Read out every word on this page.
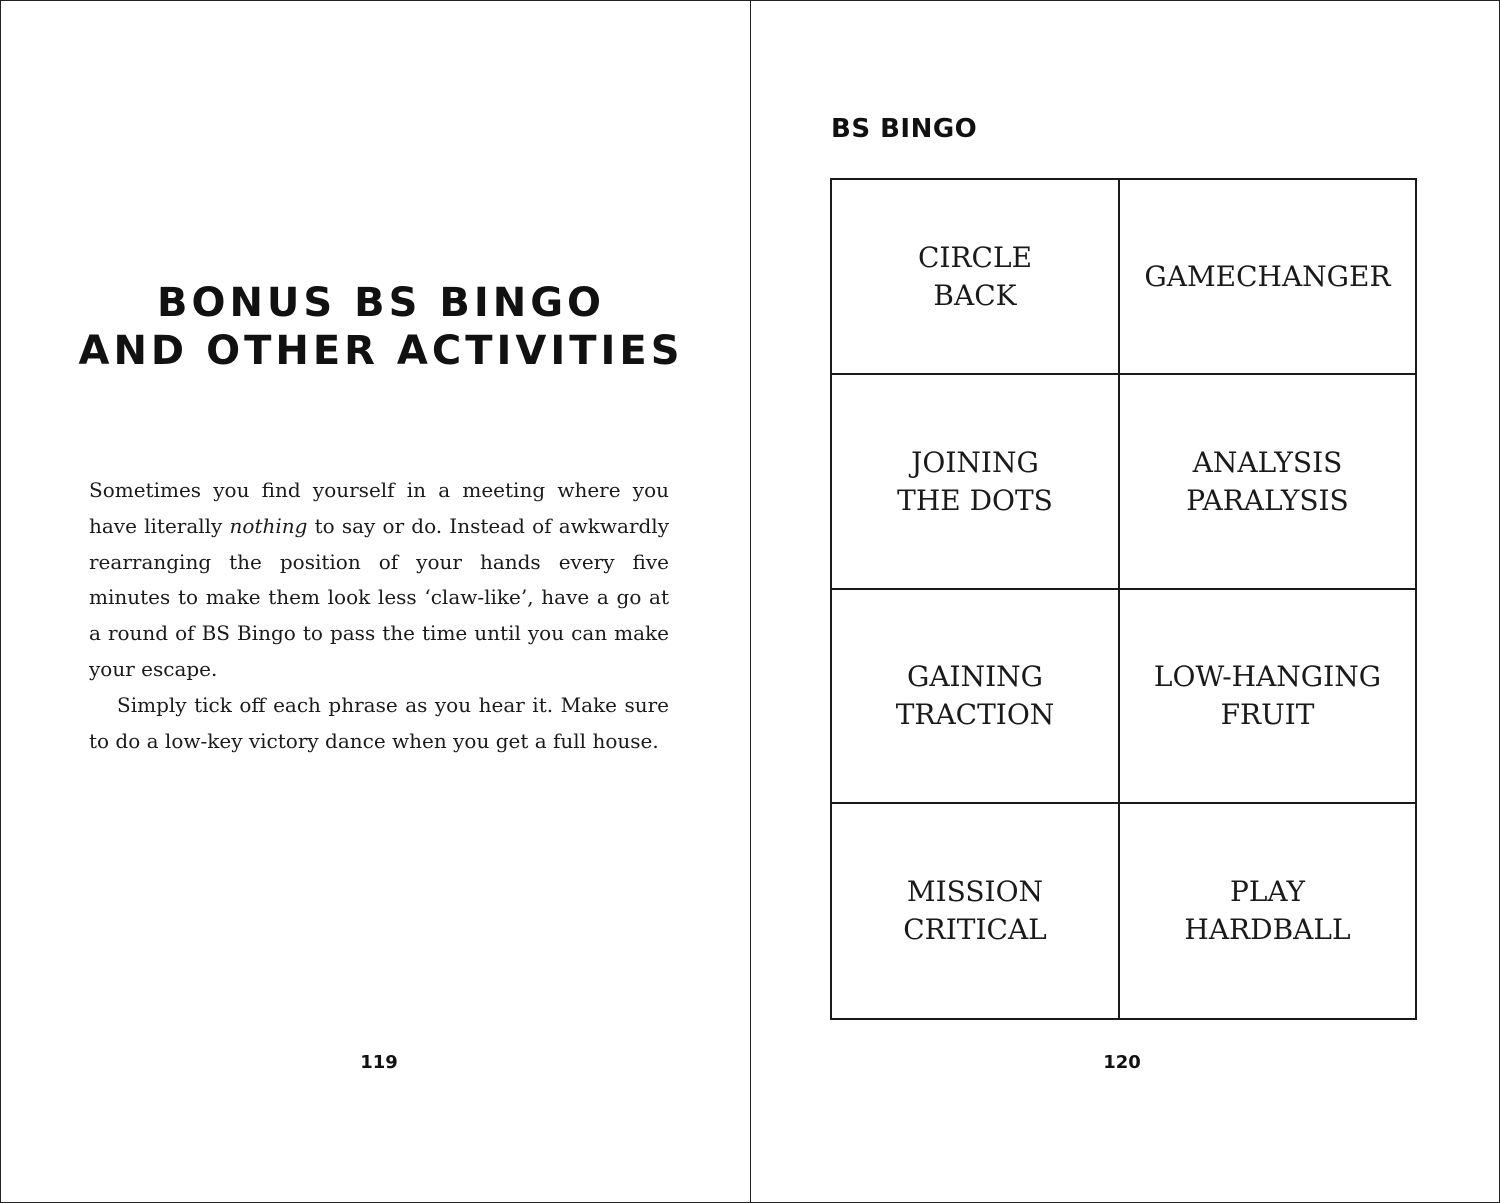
BONUS BS BINGO
AND OTHER ACTIVITIES

Sometimes you find yourself in a meeting where you have literally nothing to say or do. Instead of awkwardly rearranging the position of your hands every five minutes to make them look less ‘claw-like’, have a go at a round of BS Bingo to pass the time until you can make your escape.

Simply tick off each phrase as you hear it. Make sure to do a low-key victory dance when you get a full house.

119
BS BINGO
CIRCLE
BACK
GAMECHANGER
JOINING
THE DOTS
ANALYSIS
PARALYSIS
GAINING
TRACTION
LOW-HANGING
FRUIT
MISSION
CRITICAL
PLAY
HARDBALL
120
